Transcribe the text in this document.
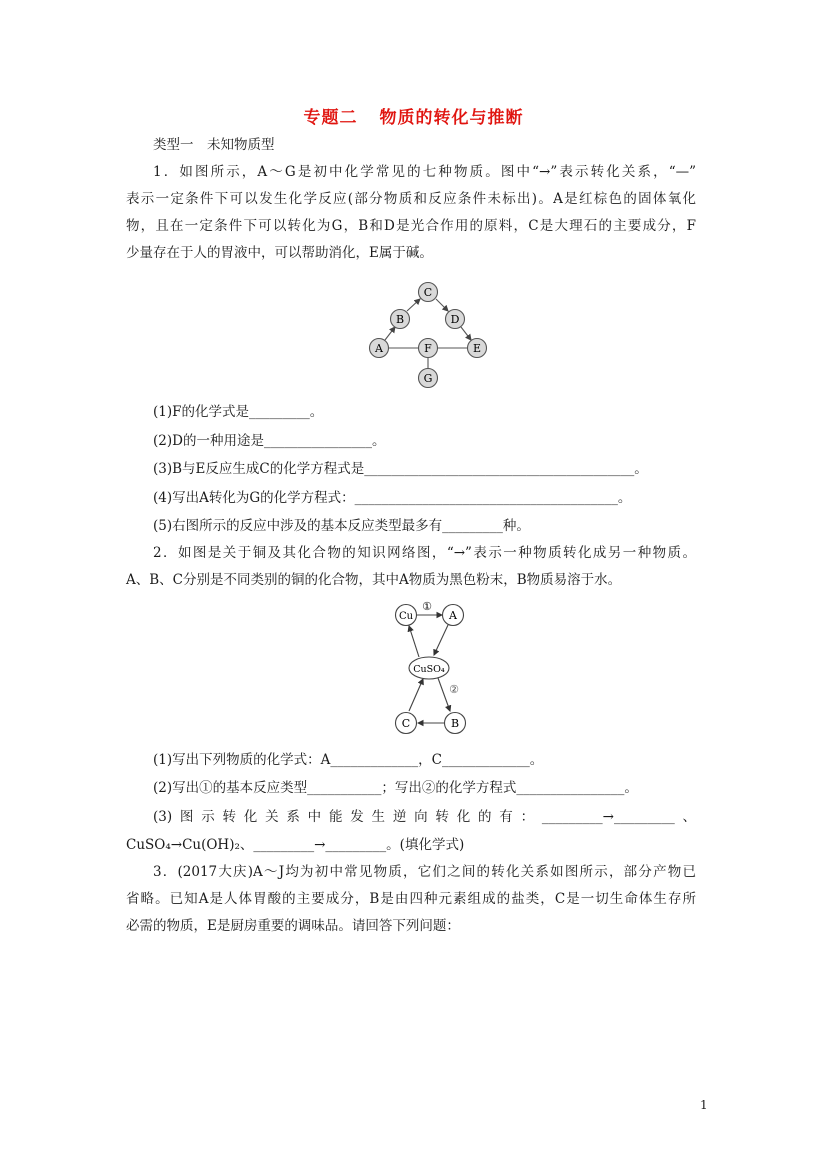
专题二 物质的转化与推断
类型一　未知物质型
1．如图所示，A～G是初中化学常见的七种物质。图中“→”表示转化关系，“—”
表示一定条件下可以发生化学反应(部分物质和反应条件未标出)。A是红棕色的固体氧化
物，且在一定条件下可以转化为G，B和D是光合作用的原料，C是大理石的主要成分，F
少量存在于人的胃液中，可以帮助消化，E属于碱。
C
B	D
A	F	E
G
(1)F的化学式是_________。
(2)D的一种用途是________________。
(3)B与E反应生成C的化学方程式是________________________________________。
(4)写出A转化为G的化学方程式：_______________________________________。
(5)右图所示的反应中涉及的基本反应类型最多有_________种。
2．如图是关于铜及其化合物的知识网络图，“→”表示一种物质转化成另一种物质。
A、B、C分别是不同类别的铜的化合物，其中A物质为黑色粉末，B物质易溶于水。
Cu	A
CuSO₄
B
C
①
②
(1)写出下列物质的化学式：A_____________，C_____________。
(2)写出①的基本反应类型___________；写出②的化学方程式________________。
(3)图示转化关系中能发生逆向转化的有：_________→_________、
CuSO₄→Cu(OH)₂、_________→_________。(填化学式)
3．(2017大庆)A～J均为初中常见物质，它们之间的转化关系如图所示，部分产物已
省略。已知A是人体胃酸的主要成分，B是由四种元素组成的盐类，C是一切生命体生存所
必需的物质，E是厨房重要的调味品。请回答下列问题：
1
